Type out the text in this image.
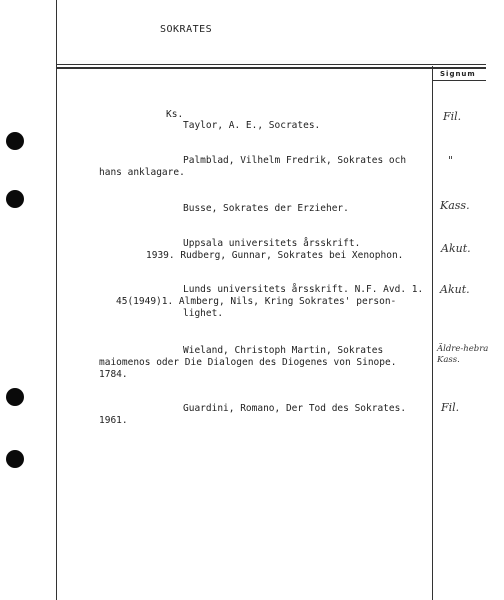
SOKRATES
Signum
Ks.
Taylor, A. E., Socrates.
Fil.
Palmblad, Vilhelm Fredrik, Sokrates och
hans anklagare.
"
Busse, Sokrates der Erzieher.	Kass.
Uppsala universitets årsskrift.
1939. Rudberg, Gunnar, Sokrates bei Xenophon.
Akut.
Lunds universitets årsskrift. N.F. Avd. 1.
45(1949)1. Almberg, Nils, Kring Sokrates' person-
lighet.
Akut.
Wieland, Christoph Martin, Sokrates
maiomenos oder Die Dialogen des Diogenes von Sinope.
1784.
Äldre-hebra
Kass.
Guardini, Romano, Der Tod des Sokrates.
1961.
Fil.
